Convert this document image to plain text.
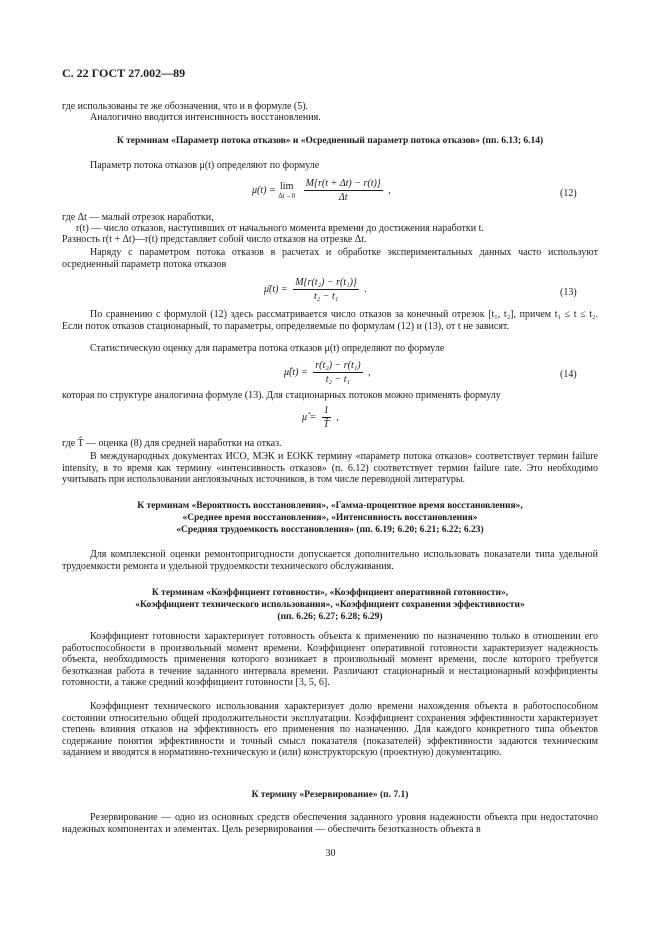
С. 22 ГОСТ 27.002—89
где использованы те же обозначения, что и в формуле (5).
Аналогично вводится интенсивность восстановления.
К терминам «Параметр потока отказов» и «Осредненный параметр потока отказов» (пп. 6.13; 6.14)
Параметр потока отказов μ(t) определяют по формуле
μ(t) = lim
Δt→0
$\frac{M\{r(t + \Delta t) - r(t)\}}{\Delta t}$ ,	(12)
где Δt — малый отрезок наработки,
r(t) — число отказов, наступивших от начального момента времени до достижения наработки t.
Разность r(t + Δt)—r(t) представляет собой число отказов на отрезке Δt.
Наряду с параметром потока отказов в расчетах и обработке экспериментальных данных часто используют осредненный параметр потока отказов
μ̄(t) = $\frac{\text{M\{r(t₂) − r(t₁)\}}}{\text{t₂ − t₁}}$ .	(13)
По сравнению с формулой (12) здесь рассматривается число отказов за конечный отрезок [t₁, t₂], причем t₁ ≤ t ≤ t₂. Если поток отказов стационарный, то параметры, определяемые по формулам (12) и (13), от t не зависят.
Статистическую оценку для параметра потока отказов μ(t) определяют по формуле
μ̂(t) = $\frac{\text{r(t₂) − r(t₁)}}{\text{t₂ − t₁}}$ ,	(14)
которая по структуре аналогична формуле (13). Для стационарных потоков можно применять формулу
μ̂ = $\frac{1}{T̂}$ ,
где T̂ — оценка (8) для средней наработки на отказ.
В международных документах ИСО, МЭК и ЕОКК термину «параметр потока отказов» соответствует термин failure intensity, в то время как термину «интенсивность отказов» (п. 6.12) соответствует термин failure rate. Это необходимо учитывать при использовании англоязычных источников, в том числе переводной литературы.
К терминам «Вероятность восстановления», «Гамма-процентное время восстановления»,
«Среднее время восстановления», «Интенсивность восстановления»
«Средняя трудоемкость восстановления» (пп. 6.19; 6.20; 6.21; 6.22; 6.23)
Для комплексной оценки ремонтопригодности допускается дополнительно использовать показатели типа удельной трудоемкости ремонта и удельной трудоемкости технического обслуживания.
К терминам «Коэффициент готовности», «Коэффициент оперативной готовности»,
«Коэффициент технического использования», «Коэффициент сохранения эффективности»
(пп. 6.26; 6.27; 6.28; 6.29)
Коэффициент готовности характеризует готовность объекта к применению по назначению только в отношении его работоспособности в произвольный момент времени. Коэффициент оперативной готовности характеризует надежность объекта, необходимость применения которого возникает в произвольный момент времени, после которого требуется безотказная работа в течение заданного интервала времени. Различают стационарный и нестационарный коэффициенты готовности, а также средний коэффициент готовности [3, 5, 6].
Коэффициент технического использования характеризует долю времени нахождения объекта в работоспособном состоянии относительно общей продолжительности эксплуатации. Коэффициент сохранения эффективности характеризует степень влияния отказов на эффективность его применения по назначению. Для каждого конкретного типа объектов содержание понятия эффективности и точный смысл показателя (показателей) эффективности задаются техническим заданием и вводятся в нормативно-техническую и (или) конструкторскую (проектную) документацию.
К термину «Резервирование» (п. 7.1)
Резервирование — одно из основных средств обеспечения заданного уровня надежности объекта при недостаточно надежных компонентах и элементах. Цель резервирования — обеспечить безотказность объекта в
30
